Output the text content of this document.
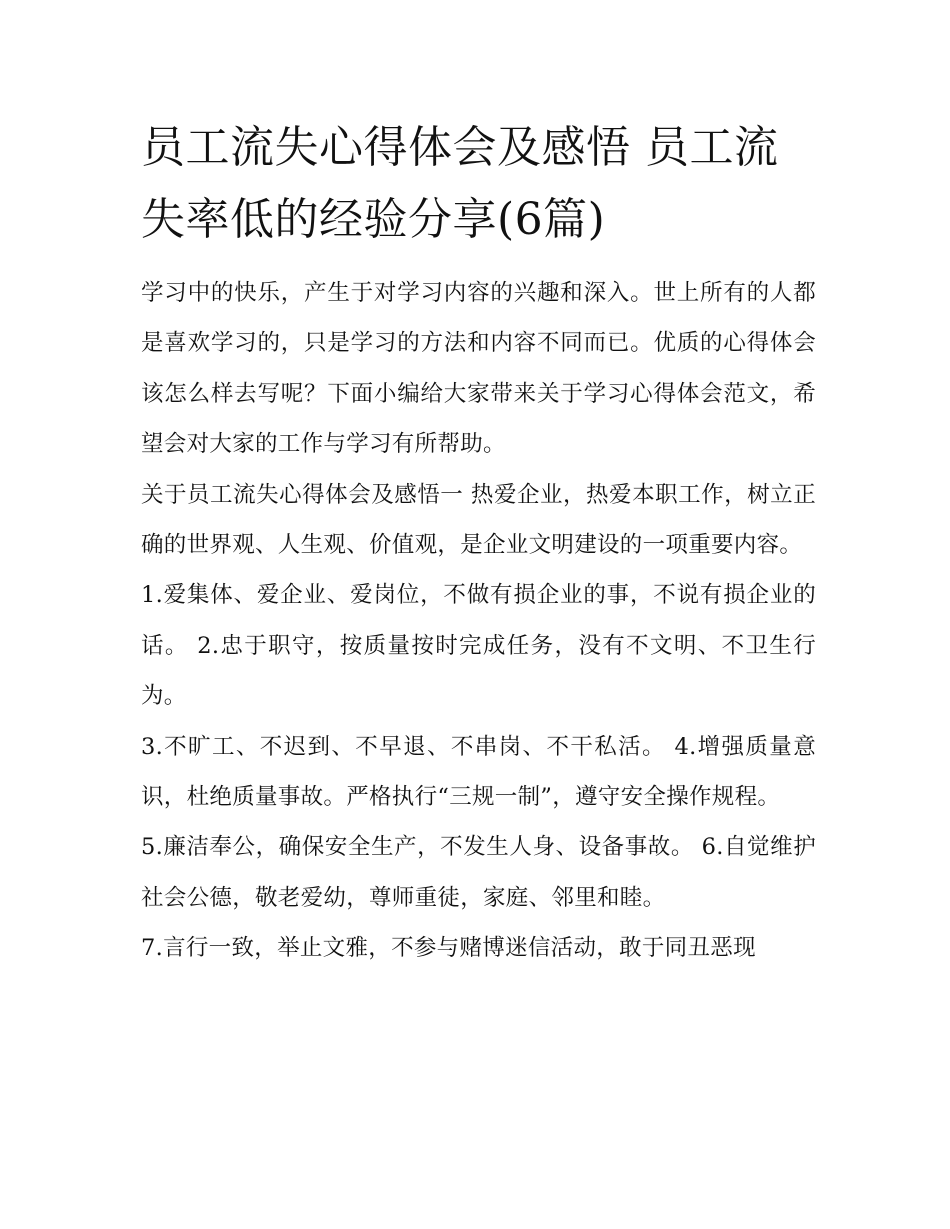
员工流失心得体会及感悟 员工流失率低的经验分享(6篇)

学习中的快乐，产生于对学习内容的兴趣和深入。世上所有的人都是喜欢学习的，只是学习的方法和内容不同而已。优质的心得体会该怎么样去写呢？下面小编给大家带来关于学习心得体会范文，希望会对大家的工作与学习有所帮助。

关于员工流失心得体会及感悟一 热爱企业，热爱本职工作，树立正确的世界观、人生观、价值观，是企业文明建设的一项重要内容。

1.爱集体、爱企业、爱岗位，不做有损企业的事，不说有损企业的话。 2.忠于职守，按质量按时完成任务，没有不文明、不卫生行为。

3.不旷工、不迟到、不早退、不串岗、不干私活。 4.增强质量意识，杜绝质量事故。严格执行“三规一制”，遵守安全操作规程。

5.廉洁奉公，确保安全生产，不发生人身、设备事故。 6.自觉维护社会公德，敬老爱幼，尊师重徒，家庭、邻里和睦。

7.言行一致，举止文雅，不参与赌博迷信活动，敢于同丑恶现
